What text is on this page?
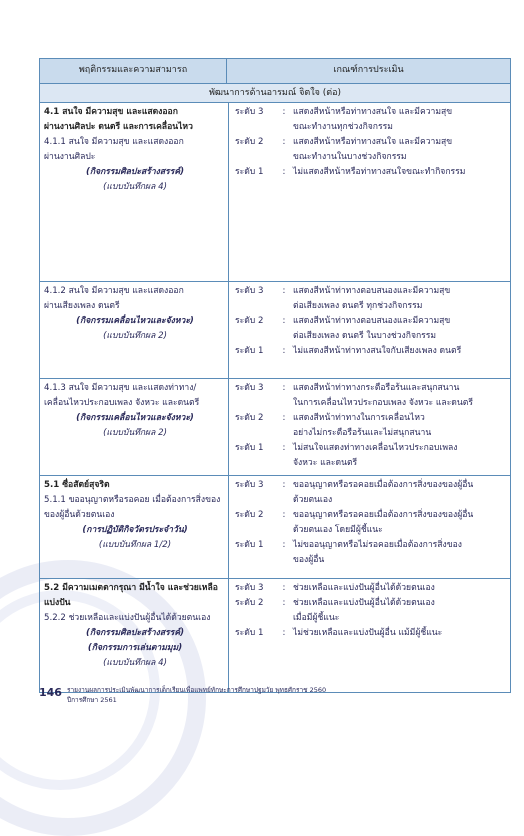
พฤติกรรมและความสามารถ	เกณฑ์การประเมิน
พัฒนาการด้านอารมณ์ จิตใจ (ต่อ)
4.1 สนใจ มีความสุข และแสดงออก
ผ่านงานศิลปะ ดนตรี และการเคลื่อนไหว
4.1.1 สนใจ มีความสุข และแสดงออก
ผ่านงานศิลปะ
(กิจกรรมศิลปะสร้างสรรค์)
(แบบบันทึกผล 4)
ระดับ 3	: แสดงสีหน้าหรือท่าทางสนใจ และมีความสุข
ขณะทำงานทุกช่วงกิจกรรม
ระดับ 2	: แสดงสีหน้าหรือท่าทางสนใจ และมีความสุข
ขณะทำงานในบางช่วงกิจกรรม
ระดับ 1	: ไม่แสดงสีหน้าหรือท่าทางสนใจขณะทำกิจกรรม
4.1.2 สนใจ มีความสุข และแสดงออก
ผ่านเสียงเพลง ดนตรี
(กิจกรรมเคลื่อนไหวและจังหวะ)
(แบบบันทึกผล 2)
ระดับ 3	: แสดงสีหน้าท่าทางตอบสนองและมีความสุข
ต่อเสียงเพลง ดนตรี ทุกช่วงกิจกรรม
ระดับ 2	: แสดงสีหน้าท่าทางตอบสนองและมีความสุข
ต่อเสียงเพลง ดนตรี ในบางช่วงกิจกรรม
ระดับ 1	: ไม่แสดงสีหน้าท่าทางสนใจกับเสียงเพลง ดนตรี
4.1.3 สนใจ มีความสุข และแสดงท่าทาง/
เคลื่อนไหวประกอบเพลง จังหวะ และดนตรี
(กิจกรรมเคลื่อนไหวและจังหวะ)
(แบบบันทึกผล 2)
ระดับ 3	: แสดงสีหน้าท่าทางกระตือรือร้นและสนุกสนาน
ในการเคลื่อนไหวประกอบเพลง จังหวะ และดนตรี
ระดับ 2	: แสดงสีหน้าท่าทางในการเคลื่อนไหว
อย่างไม่กระตือรือร้นและไม่สนุกสนาน
ระดับ 1	: ไม่สนใจแสดงท่าทางเคลื่อนไหวประกอบเพลง
จังหวะ และดนตรี
5.1 ซื่อสัตย์สุจริต
5.1.1 ขออนุญาตหรือรอคอย เมื่อต้องการสิ่งของ
ของผู้อื่นด้วยตนเอง
(การปฏิบัติกิจวัตรประจำวัน)
(แบบบันทึกผล 1/2)
ระดับ 3	: ขออนุญาตหรือรอคอยเมื่อต้องการสิ่งของของผู้อื่น
ด้วยตนเอง
ระดับ 2	: ขออนุญาตหรือรอคอยเมื่อต้องการสิ่งของของผู้อื่น
ด้วยตนเอง โดยมีผู้ชี้แนะ
ระดับ 1	: ไม่ขออนุญาตหรือไม่รอคอยเมื่อต้องการสิ่งของ
ของผู้อื่น
5.2 มีความเมตตากรุณา มีน้ำใจ และช่วยเหลือ
แบ่งปัน
5.2.2 ช่วยเหลือและแบ่งปันผู้อื่นได้ด้วยตนเอง
(กิจกรรมศิลปะสร้างสรรค์)
(กิจกรรมการเล่นตามมุม)
(แบบบันทึกผล 4)
ระดับ 3	: ช่วยเหลือและแบ่งปันผู้อื่นได้ด้วยตนเอง
ระดับ 2	: ช่วยเหลือและแบ่งปันผู้อื่นได้ด้วยตนเอง
เมื่อมีผู้ชี้แนะ
ระดับ 1	: ไม่ช่วยเหลือและแบ่งปันผู้อื่น แม้มีผู้ชี้แนะ
146 รายงานผลการประเมินพัฒนาการเด็กเรียนเพื่อแพทย์ทักษะการศึกษาปฐมวัย พุทธศักราช 2560
ปีการศึกษา 2561
